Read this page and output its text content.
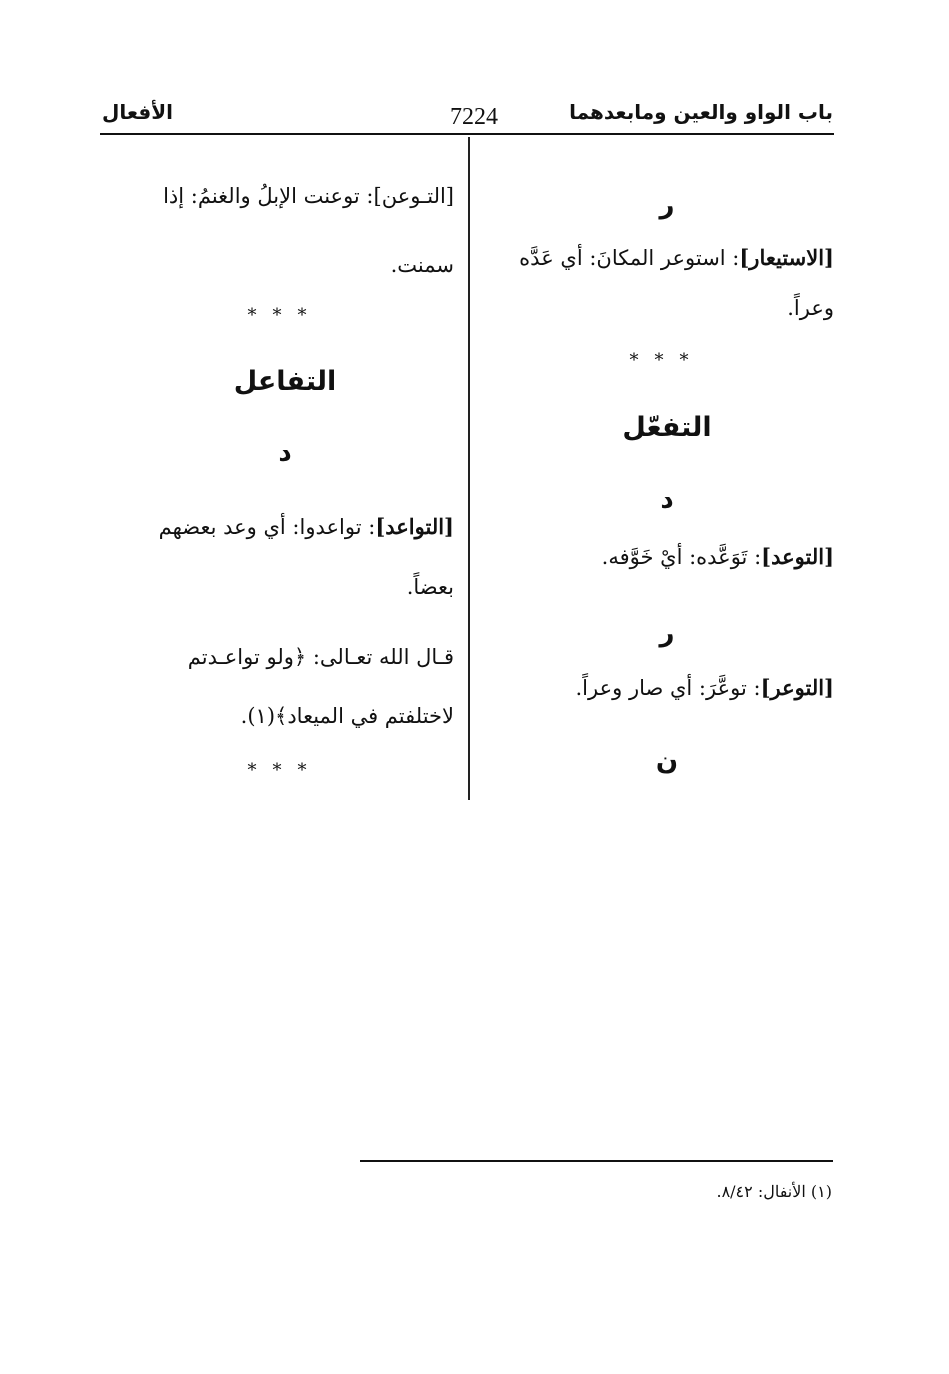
باب الواو والعين ومابعدهما
7224
الأفعال
ر
[الاستيعار]: استوعر المكانَ: أي عَدَّه
وعراً.
***
التفعّل
د
[التوعد]: تَوَعَّده: أيْ خَوَّفه.
ر
[التوعر]: توعَّرَ: أي صار وعراً.
ن
[التـوعن]: توعنت الإبلُ والغنمُ: إذا
سمنت.
***
التفاعل
د
[التواعد]: تواعدوا: أي وعد بعضهم
بعضاً.
قـال الله تعـالى: ﴿ولو تواعـدتم
لاختلفتم في الميعاد﴾(١).
***
(١) الأنفال: ٨/٤٢.
